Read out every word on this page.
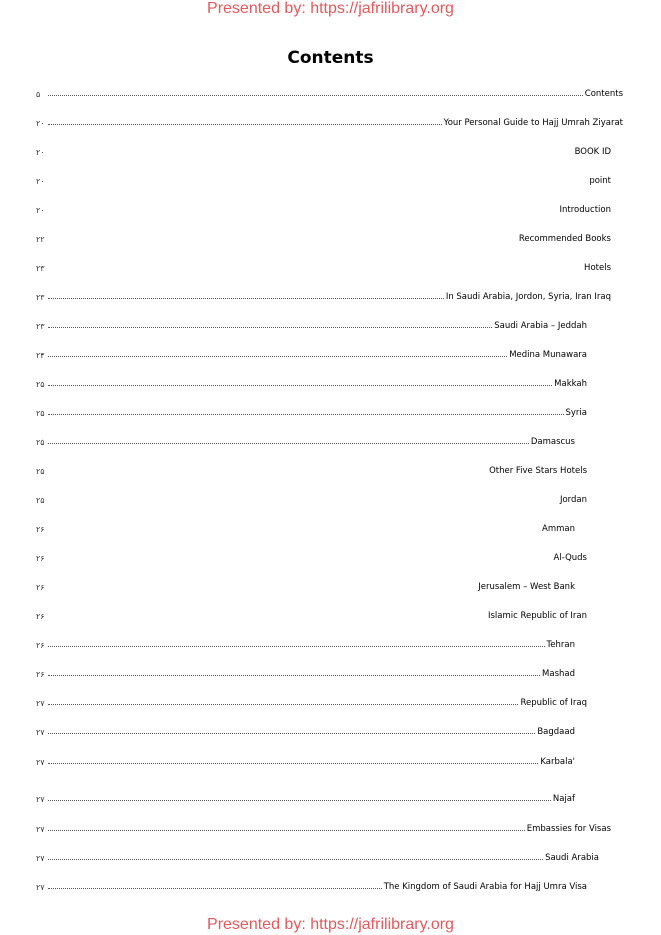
Presented by: https://jafrilibrary.org
Contents
۵	Contents
۲۰	Your Personal Guide to Hajj Umrah Ziyarat
۲۰	BOOK ID
۲۰	point
۲۰	Introduction
۲۲	Recommended Books
۲۳	Hotels
۲۳	In Saudi Arabia, Jordon, Syria, Iran Iraq
۲۳	Saudi Arabia – Jeddah
۲۴	Medina Munawara
۲۵	Makkah
۲۵	Syria
۲۵	Damascus
۲۵	Other Five Stars Hotels
۲۵	Jordan
۲۶	Amman
۲۶	Al-Quds
۲۶	Jerusalem – West Bank
۲۶	Islamic Republic of Iran
۲۶	Tehran
۲۶	Mashad
۲۷	Republic of Iraq
۲۷	Bagdaad
۲۷	Karbala'
۲۷	Najaf
۲۷	Embassies for Visas
۲۷	Saudi Arabia
۲۷	The Kingdom of Saudi Arabia for Hajj Umra Visa
Presented by: https://jafrilibrary.org
